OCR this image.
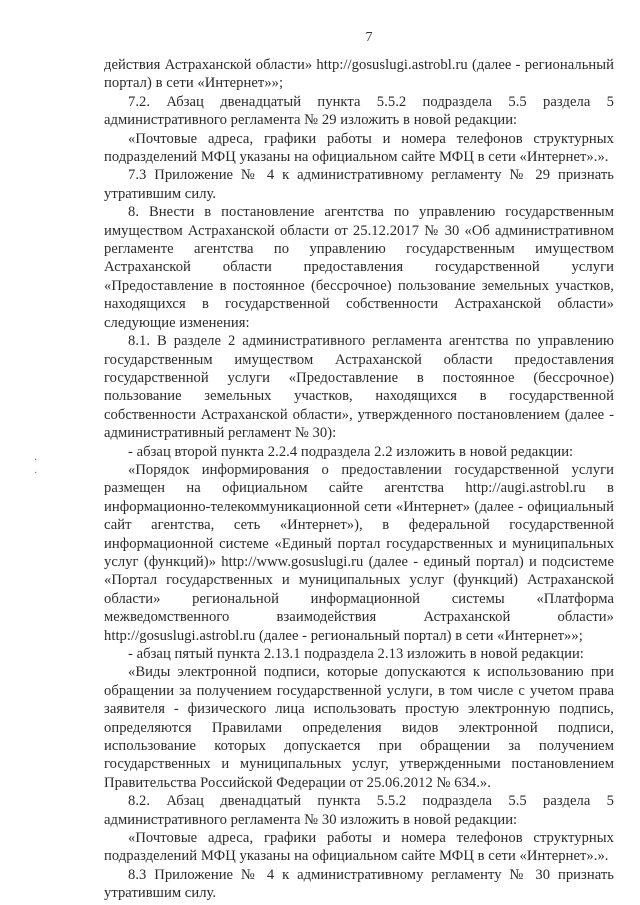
7

действия Астраханской области» http://gosuslugi.astrobl.ru (далее - региональный портал) в сети «Интернет»»;

7.2. Абзац двенадцатый пункта 5.5.2 подраздела 5.5 раздела 5 административного регламента № 29 изложить в новой редакции:

«Почтовые адреса, графики работы и номера телефонов структурных подразделений МФЦ указаны на официальном сайте МФЦ в сети «Интернет».».

7.3 Приложение № 4 к административному регламенту № 29 признать утратившим силу.

8. Внести в постановление агентства по управлению государственным имуществом Астраханской области от 25.12.2017 № 30 «Об административном регламенте агентства по управлению государственным имуществом Астраханской области предоставления государственной услуги «Предоставление в постоянное (бессрочное) пользование земельных участков, находящихся в государственной собственности Астраханской области» следующие изменения:

8.1. В разделе 2 административного регламента агентства по управлению государственным имуществом Астраханской области предоставления государственной услуги «Предоставление в постоянное (бессрочное) пользование земельных участков, находящихся в государственной собственности Астраханской области», утвержденного постановлением (далее - административный регламент № 30):

- абзац второй пункта 2.2.4 подраздела 2.2 изложить в новой редакции:

«Порядок информирования о предоставлении государственной услуги размещен на официальном сайте агентства http://augi.astrobl.ru в информационно-телекоммуникационной сети «Интернет» (далее - официальный сайт агентства, сеть «Интернет»), в федеральной государственной информационной системе «Единый портал государственных и муниципальных услуг (функций)» http://www.gosuslugi.ru (далее - единый портал) и подсистеме «Портал государственных и муниципальных услуг (функций) Астраханской области» региональной информационной системы «Платформа межведомственного взаимодействия Астраханской области» http://gosuslugi.astrobl.ru (далее - региональный портал) в сети «Интернет»»;

- абзац пятый пункта 2.13.1 подраздела 2.13 изложить в новой редакции:

«Виды электронной подписи, которые допускаются к использованию при обращении за получением государственной услуги, в том числе с учетом права заявителя - физического лица использовать простую электронную подпись, определяются Правилами определения видов электронной подписи, использование которых допускается при обращении за получением государственных и муниципальных услуг, утвержденными постановлением Правительства Российской Федерации от 25.06.2012 № 634.».

8.2. Абзац двенадцатый пункта 5.5.2 подраздела 5.5 раздела 5 административного регламента № 30 изложить в новой редакции:

«Почтовые адреса, графики работы и номера телефонов структурных подразделений МФЦ указаны на официальном сайте МФЦ в сети «Интернет».».

8.3 Приложение № 4 к административному регламенту № 30 признать утратившим силу.

·
·
